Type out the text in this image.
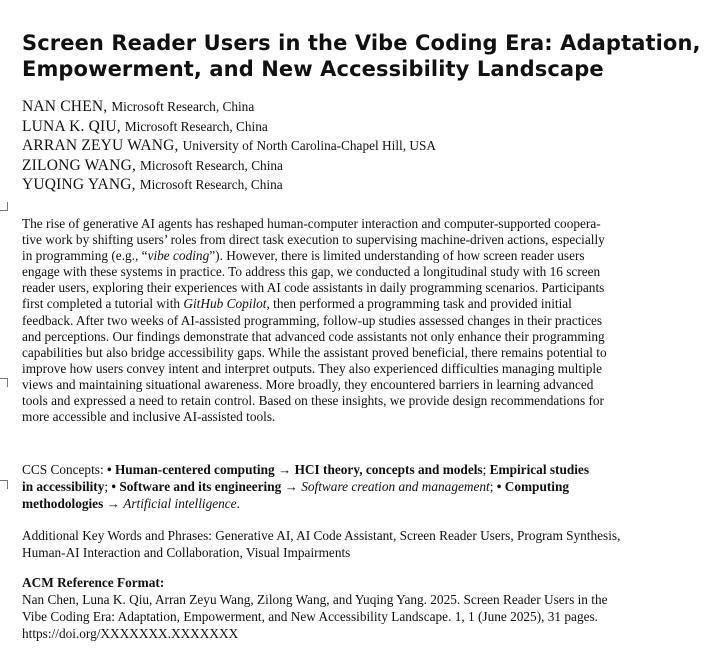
Screen Reader Users in the Vibe Coding Era: Adaptation,
Empowerment, and New Accessibility Landscape
NAN CHEN, Microsoft Research, China
LUNA K. QIU, Microsoft Research, China
ARRAN ZEYU WANG, University of North Carolina-Chapel Hill, USA
ZILONG WANG, Microsoft Research, China
YUQING YANG, Microsoft Research, China
The rise of generative AI agents has reshaped human-computer interaction and computer-supported coopera-
tive work by shifting users’ roles from direct task execution to supervising machine-driven actions, especially
in programming (e.g., “vibe coding”). However, there is limited understanding of how screen reader users
engage with these systems in practice. To address this gap, we conducted a longitudinal study with 16 screen
reader users, exploring their experiences with AI code assistants in daily programming scenarios. Participants
first completed a tutorial with GitHub Copilot, then performed a programming task and provided initial
feedback. After two weeks of AI-assisted programming, follow-up studies assessed changes in their practices
and perceptions. Our findings demonstrate that advanced code assistants not only enhance their programming
capabilities but also bridge accessibility gaps. While the assistant proved beneficial, there remains potential to
improve how users convey intent and interpret outputs. They also experienced difficulties managing multiple
views and maintaining situational awareness. More broadly, they encountered barriers in learning advanced
tools and expressed a need to retain control. Based on these insights, we provide design recommendations for
more accessible and inclusive AI-assisted tools.
CCS Concepts: • Human-centered computing → HCI theory, concepts and models; Empirical studies
in accessibility; • Software and its engineering → Software creation and management; • Computing
methodologies → Artificial intelligence.
Additional Key Words and Phrases: Generative AI, AI Code Assistant, Screen Reader Users, Program Synthesis,
Human-AI Interaction and Collaboration, Visual Impairments
ACM Reference Format:
Nan Chen, Luna K. Qiu, Arran Zeyu Wang, Zilong Wang, and Yuqing Yang. 2025. Screen Reader Users in the
Vibe Coding Era: Adaptation, Empowerment, and New Accessibility Landscape. 1, 1 (June 2025), 31 pages.
https://doi.org/XXXXXXX.XXXXXXX
